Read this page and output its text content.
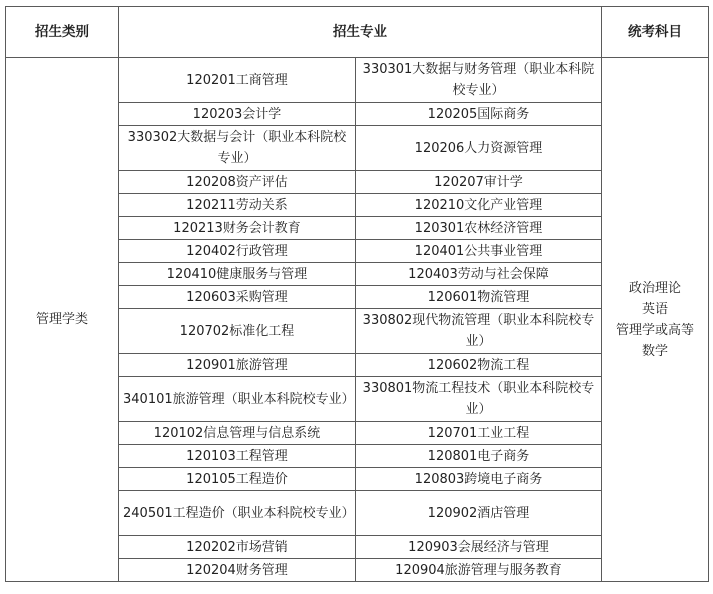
招生类别	招生专业		统考科目
管理学类	120201工商管理	330301大数据与财务管理（职业本科院校专业）	政治理论
英语
管理学或高等
数学

	120203会计学	120205国际商务	
	330302大数据与会计（职业本科院校专业）	120206人力资源管理	
	120208资产评估	120207审计学	
	120211劳动关系	120210文化产业管理	
	120213财务会计教育	120301农林经济管理	
	120402行政管理	120401公共事业管理	
	120410健康服务与管理	120403劳动与社会保障	
	120603采购管理	120601物流管理	
	120702标准化工程	330802现代物流管理（职业本科院校专业）	
	120901旅游管理	120602物流工程	
	340101旅游管理（职业本科院校专业）	330801物流工程技术（职业本科院校专业）	
	120102信息管理与信息系统	120701工业工程	
	120103工程管理	120801电子商务	
	120105工程造价	120803跨境电子商务	
	240501工程造价（职业本科院校专业）	120902酒店管理	
	120202市场营销	120903会展经济与管理	
	120204财务管理	120904旅游管理与服务教育	
